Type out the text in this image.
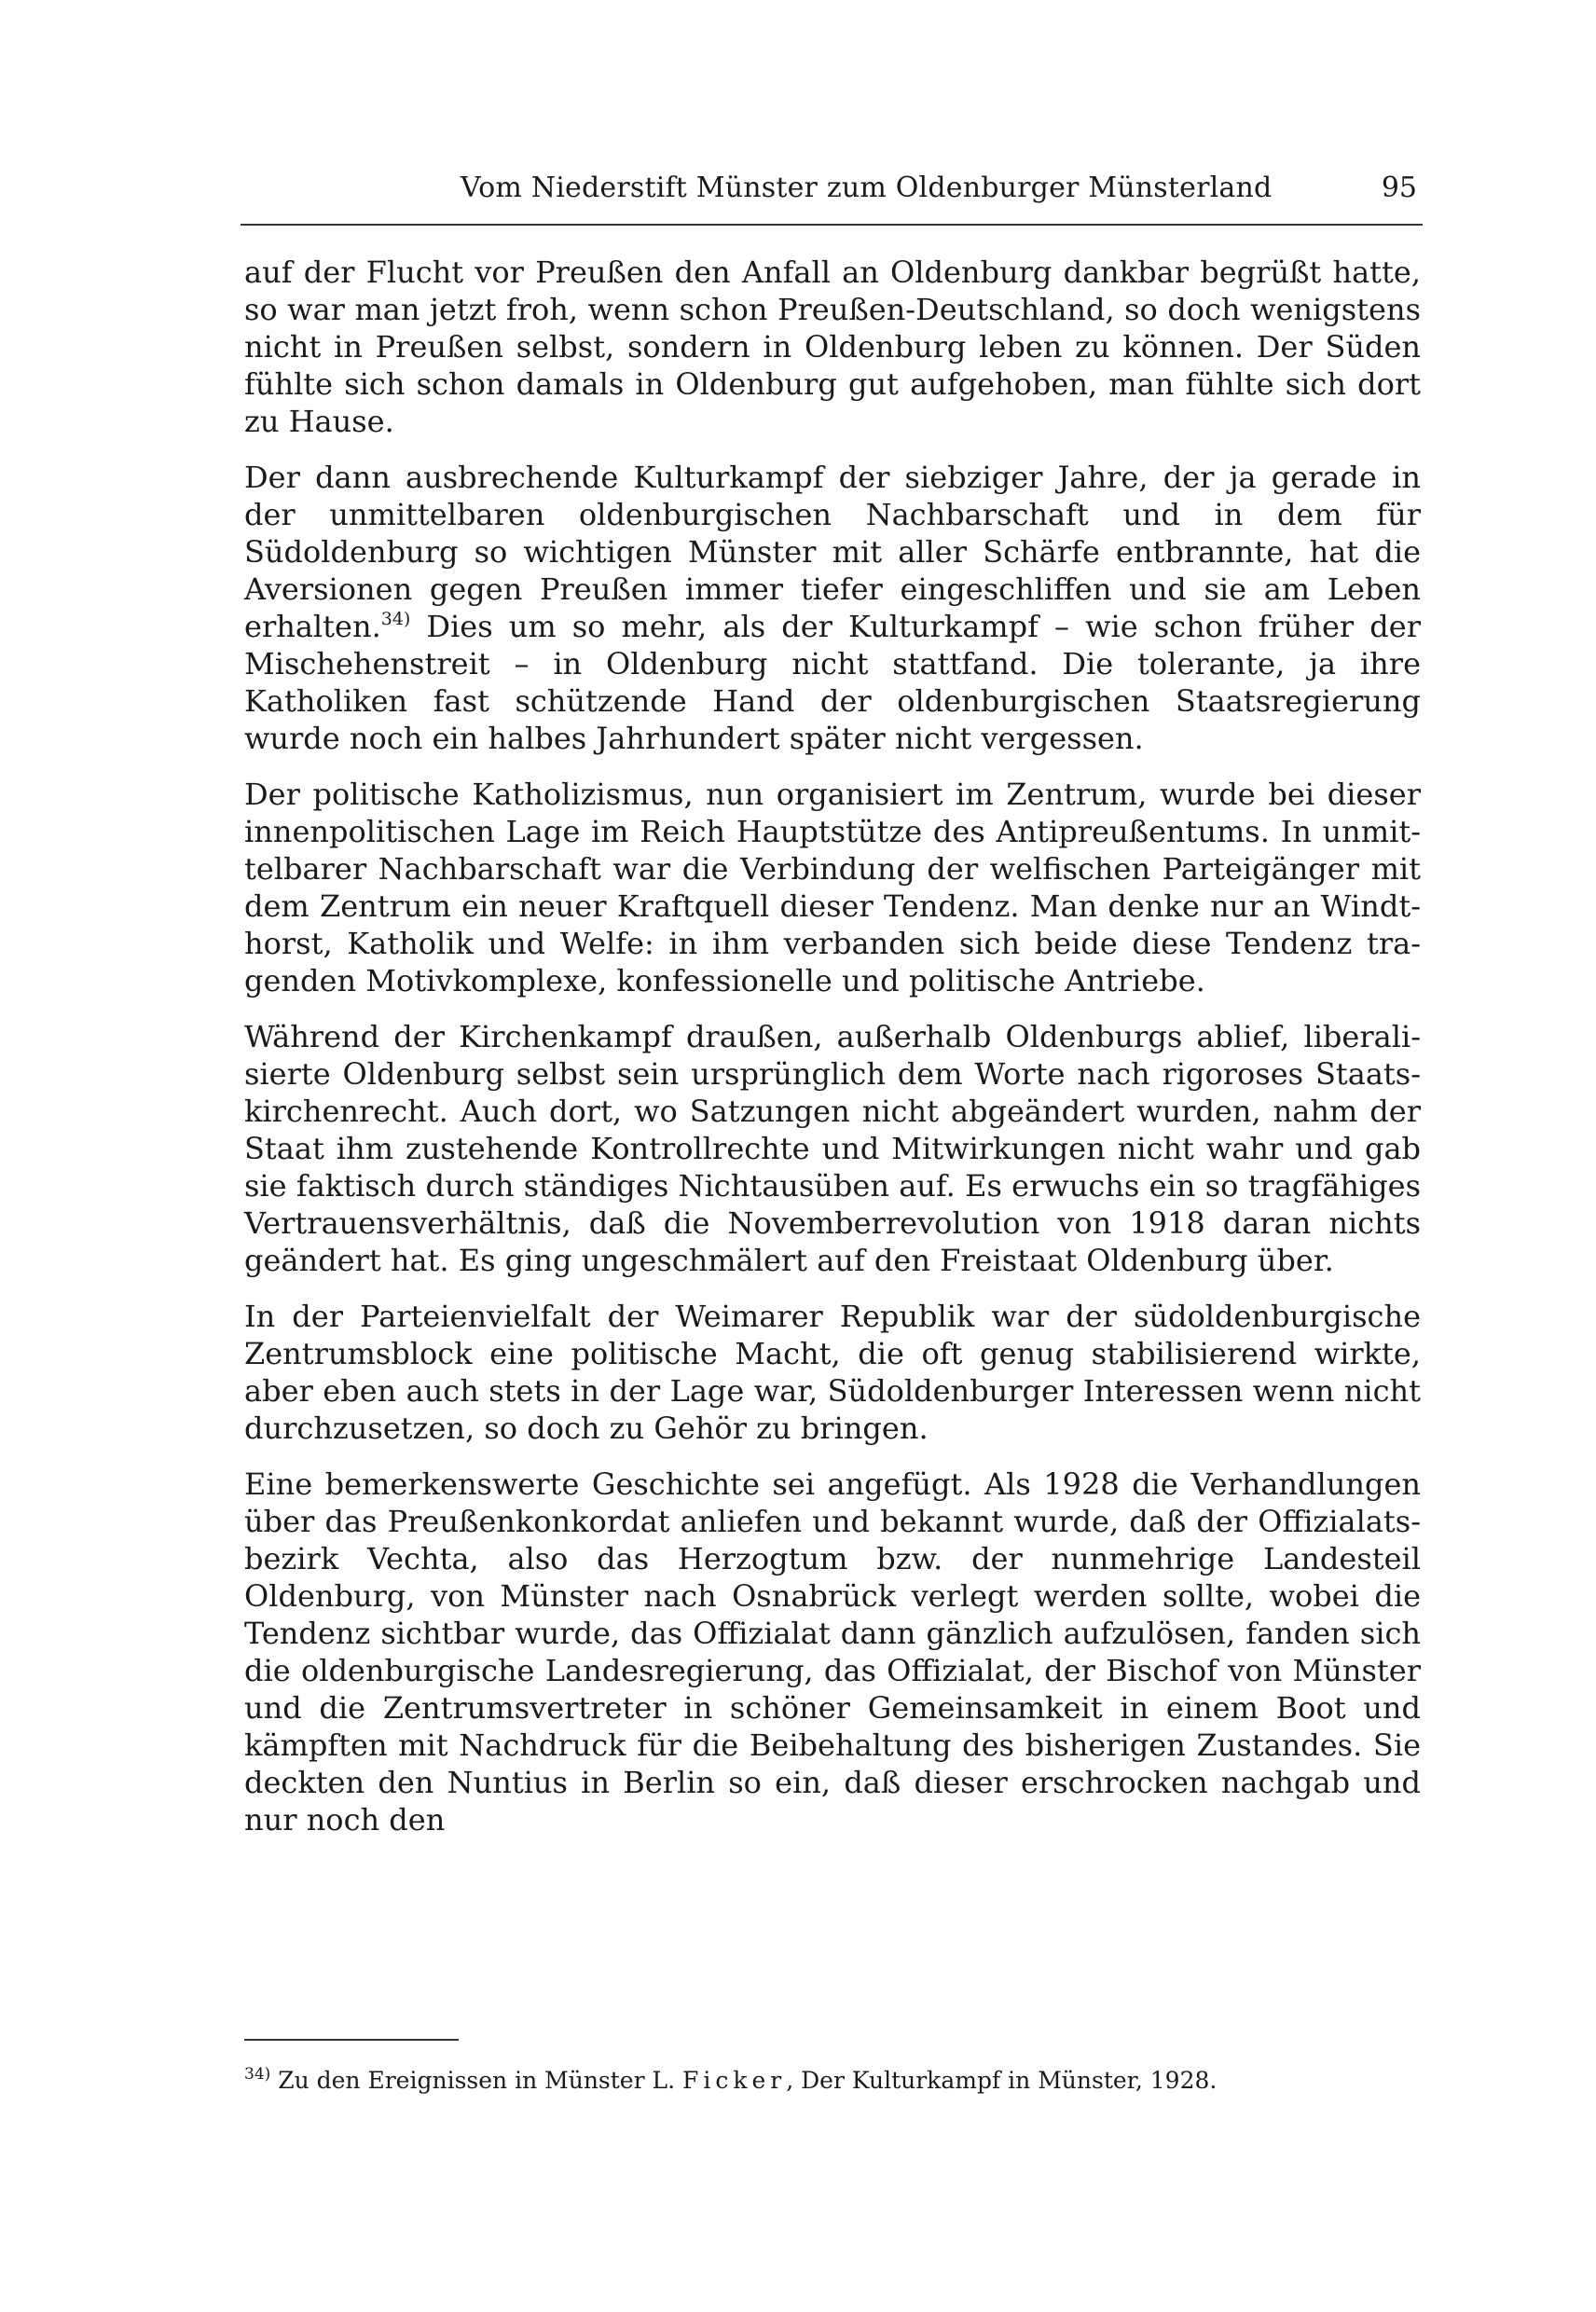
Vom Niederstift Münster zum Oldenburger Münsterland	95

auf der Flucht vor Preußen den Anfall an Oldenburg dankbar begrüßt hatte, so war man jetzt froh, wenn schon Preußen-Deutschland, so doch wenigstens nicht in Preußen selbst, sondern in Oldenburg leben zu können. Der Süden fühlte sich schon damals in Oldenburg gut aufgehoben, man fühlte sich dort zu Hause.

Der dann ausbrechende Kulturkampf der siebziger Jahre, der ja gerade in der unmittelbaren oldenburgischen Nachbarschaft und in dem für Südoldenburg so wichtigen Münster mit aller Schärfe entbrannte, hat die Aversionen gegen Preußen immer tiefer eingeschliffen und sie am Leben erhalten.$^{34)}$ Dies um so mehr, als der Kulturkampf – wie schon früher der Mischehenstreit – in Oldenburg nicht stattfand. Die tolerante, ja ihre Katholiken fast schützende Hand der oldenburgischen Staatsregierung wurde noch ein halbes Jahrhundert später nicht vergessen.

Der politische Katholizismus, nun organisiert im Zentrum, wurde bei dieser innenpolitischen Lage im Reich Hauptstütze des Antipreußentums. In unmittelbarer Nachbarschaft war die Verbindung der welfischen Parteigänger mit dem Zentrum ein neuer Kraftquell dieser Tendenz. Man denke nur an Windthorst, Katholik und Welfe: in ihm verbanden sich beide diese Tendenz tragenden Motivkomplexe, konfessionelle und politische Antriebe.

Während der Kirchenkampf draußen, außerhalb Oldenburgs ablief, liberalisierte Oldenburg selbst sein ursprünglich dem Worte nach rigoroses Staatskirchenrecht. Auch dort, wo Satzungen nicht abgeändert wurden, nahm der Staat ihm zustehende Kontrollrechte und Mitwirkungen nicht wahr und gab sie faktisch durch ständiges Nichtausüben auf. Es erwuchs ein so tragfähiges Vertrauensverhältnis, daß die Novemberrevolution von 1918 daran nichts geändert hat. Es ging ungeschmälert auf den Freistaat Oldenburg über.

In der Parteienvielfalt der Weimarer Republik war der südoldenburgische Zentrumsblock eine politische Macht, die oft genug stabilisierend wirkte, aber eben auch stets in der Lage war, Südoldenburger Interessen wenn nicht durchzusetzen, so doch zu Gehör zu bringen.

Eine bemerkenswerte Geschichte sei angefügt. Als 1928 die Verhandlungen über das Preußenkonkordat anliefen und bekannt wurde, daß der Offizialatsbezirk Vechta, also das Herzogtum bzw. der nunmehrige Landesteil Oldenburg, von Münster nach Osnabrück verlegt werden sollte, wobei die Tendenz sichtbar wurde, das Offizialat dann gänzlich aufzulösen, fanden sich die oldenburgische Landesregierung, das Offizialat, der Bischof von Münster und die Zentrumsvertreter in schöner Gemeinsamkeit in einem Boot und kämpften mit Nachdruck für die Beibehaltung des bisherigen Zustandes. Sie deckten den Nuntius in Berlin so ein, daß dieser erschrocken nachgab und nur noch den

$^{34)}$ Zu den Ereignissen in Münster L. Ficker, Der Kulturkampf in Münster, 1928.
